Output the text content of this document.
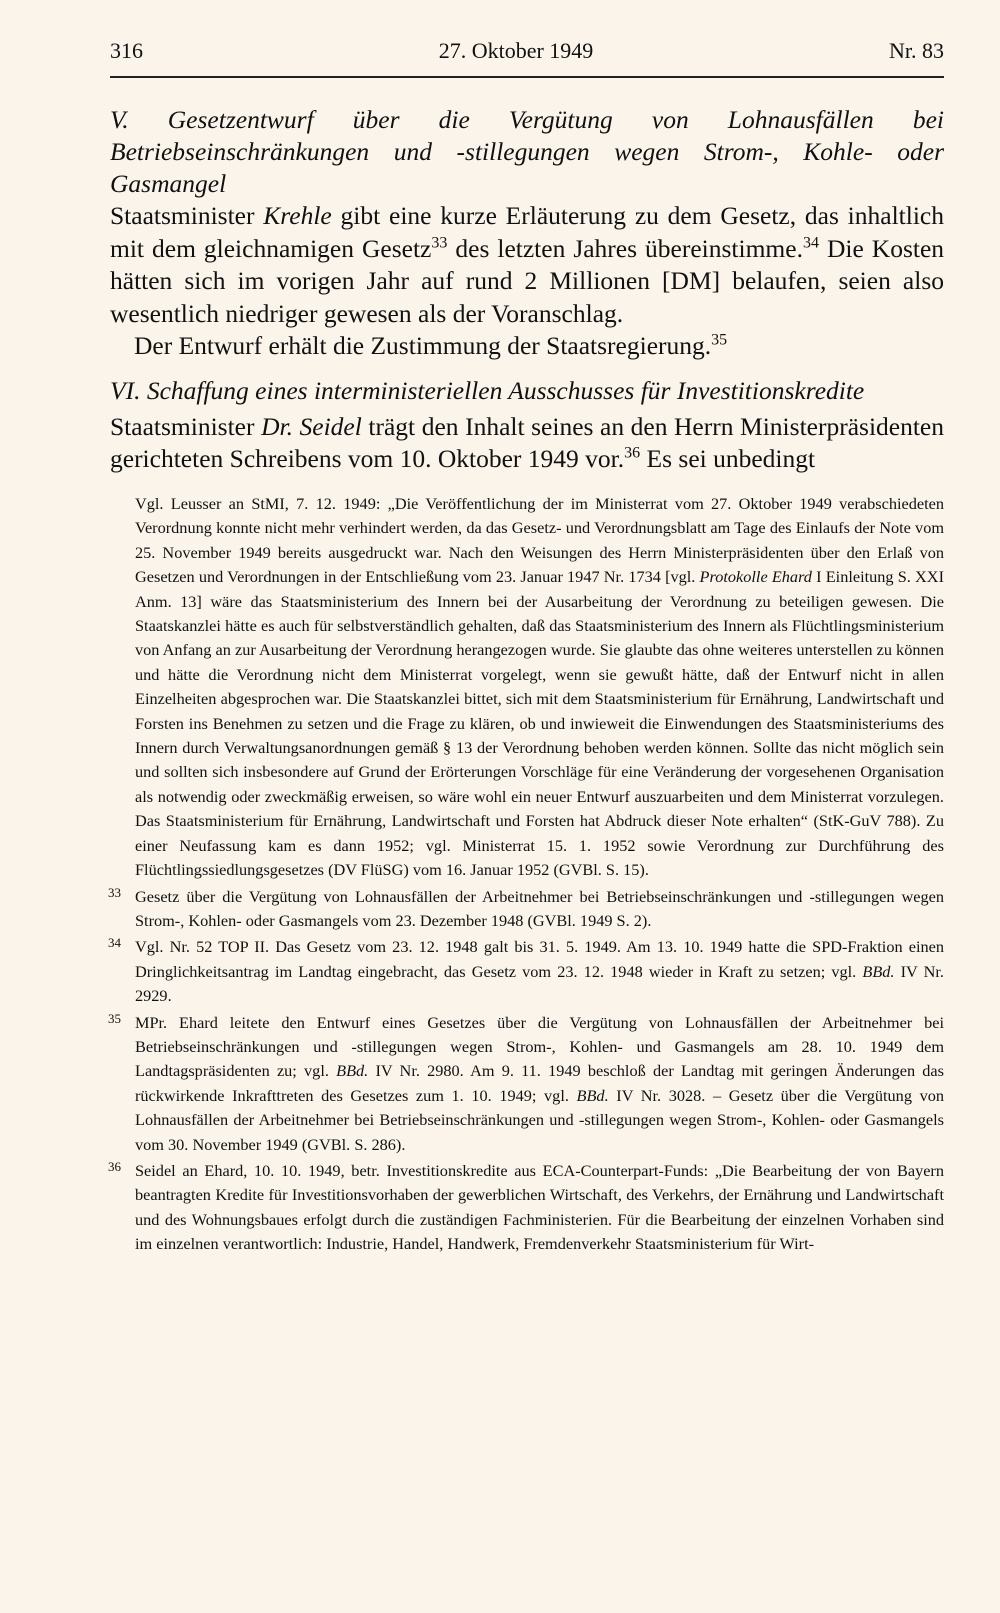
316	27. Oktober 1949	Nr. 83

V. Gesetzentwurf über die Vergütung von Lohnausfällen bei Betriebseinschränkungen und -stillegungen wegen Strom-, Kohle- oder Gasmangel

Staatsminister Krehle gibt eine kurze Erläuterung zu dem Gesetz, das inhaltlich mit dem gleichnamigen Gesetz$^{33}$ des letzten Jahres übereinstimme.$^{34}$ Die Kosten hätten sich im vorigen Jahr auf rund 2 Millionen [DM] belaufen, seien also wesentlich niedriger gewesen als der Voranschlag.

Der Entwurf erhält die Zustimmung der Staatsregierung.$^{35}$

VI. Schaffung eines interministeriellen Ausschusses für Investitionskredite

Staatsminister Dr. Seidel trägt den Inhalt seines an den Herrn Ministerpräsidenten gerichteten Schreibens vom 10. Oktober 1949 vor.$^{36}$ Es sei unbedingt

Vgl. Leusser an StMI, 7. 12. 1949: „Die Veröffentlichung der im Ministerrat vom 27. Oktober 1949 verabschiedeten Verordnung konnte nicht mehr verhindert werden, da das Gesetz- und Verordnungsblatt am Tage des Einlaufs der Note vom 25. November 1949 bereits ausgedruckt war. Nach den Weisungen des Herrn Ministerpräsidenten über den Erlaß von Gesetzen und Verordnungen in der Entschließung vom 23. Januar 1947 Nr. 1734 [vgl. Protokolle Ehard I Einleitung S. XXI Anm. 13] wäre das Staatsministerium des Innern bei der Ausarbeitung der Verordnung zu beteiligen gewesen. Die Staatskanzlei hätte es auch für selbstverständlich gehalten, daß das Staatsministerium des Innern als Flüchtlingsministerium von Anfang an zur Ausarbeitung der Verordnung herangezogen wurde. Sie glaubte das ohne weiteres unterstellen zu können und hätte die Verordnung nicht dem Ministerrat vorgelegt, wenn sie gewußt hätte, daß der Entwurf nicht in allen Einzelheiten abgesprochen war. Die Staatskanzlei bittet, sich mit dem Staatsministerium für Ernährung, Landwirtschaft und Forsten ins Benehmen zu setzen und die Frage zu klären, ob und inwieweit die Einwendungen des Staatsministeriums des Innern durch Verwaltungsanordnungen gemäß § 13 der Verordnung behoben werden können. Sollte das nicht möglich sein und sollten sich insbesondere auf Grund der Erörterungen Vorschläge für eine Veränderung der vorgesehenen Organisation als notwendig oder zweckmäßig erweisen, so wäre wohl ein neuer Entwurf auszuarbeiten und dem Ministerrat vorzulegen. Das Staatsministerium für Ernährung, Landwirtschaft und Forsten hat Abdruck dieser Note erhalten“ (StK-GuV 788). Zu einer Neufassung kam es dann 1952; vgl. Ministerrat 15. 1. 1952 sowie Verordnung zur Durchführung des Flüchtlingssiedlungsgesetzes (DV FlüSG) vom 16. Januar 1952 (GVBl. S. 15).

33 Gesetz über die Vergütung von Lohnausfällen der Arbeitnehmer bei Betriebseinschränkungen und -stillegungen wegen Strom-, Kohlen- oder Gasmangels vom 23. Dezember 1948 (GVBl. 1949 S. 2).

34 Vgl. Nr. 52 TOP II. Das Gesetz vom 23. 12. 1948 galt bis 31. 5. 1949. Am 13. 10. 1949 hatte die SPD-Fraktion einen Dringlichkeitsantrag im Landtag eingebracht, das Gesetz vom 23. 12. 1948 wieder in Kraft zu setzen; vgl. BBd. IV Nr. 2929.

35 MPr. Ehard leitete den Entwurf eines Gesetzes über die Vergütung von Lohnausfällen der Arbeitnehmer bei Betriebseinschränkungen und -stillegungen wegen Strom-, Kohlen- und Gasmangels am 28. 10. 1949 dem Landtagspräsidenten zu; vgl. BBd. IV Nr. 2980. Am 9. 11. 1949 beschloß der Landtag mit geringen Änderungen das rückwirkende Inkrafttreten des Gesetzes zum 1. 10. 1949; vgl. BBd. IV Nr. 3028. – Gesetz über die Vergütung von Lohnausfällen der Arbeitnehmer bei Betriebseinschränkungen und -stillegungen wegen Strom-, Kohlen- oder Gasmangels vom 30. November 1949 (GVBl. S. 286).

36 Seidel an Ehard, 10. 10. 1949, betr. Investitionskredite aus ECA-Counterpart-Funds: „Die Bearbeitung der von Bayern beantragten Kredite für Investitionsvorhaben der gewerblichen Wirtschaft, des Verkehrs, der Ernährung und Landwirtschaft und des Wohnungsbaues erfolgt durch die zuständigen Fachministerien. Für die Bearbeitung der einzelnen Vorhaben sind im einzelnen verantwortlich: Industrie, Handel, Handwerk, Fremdenverkehr Staatsministerium für Wirt-
